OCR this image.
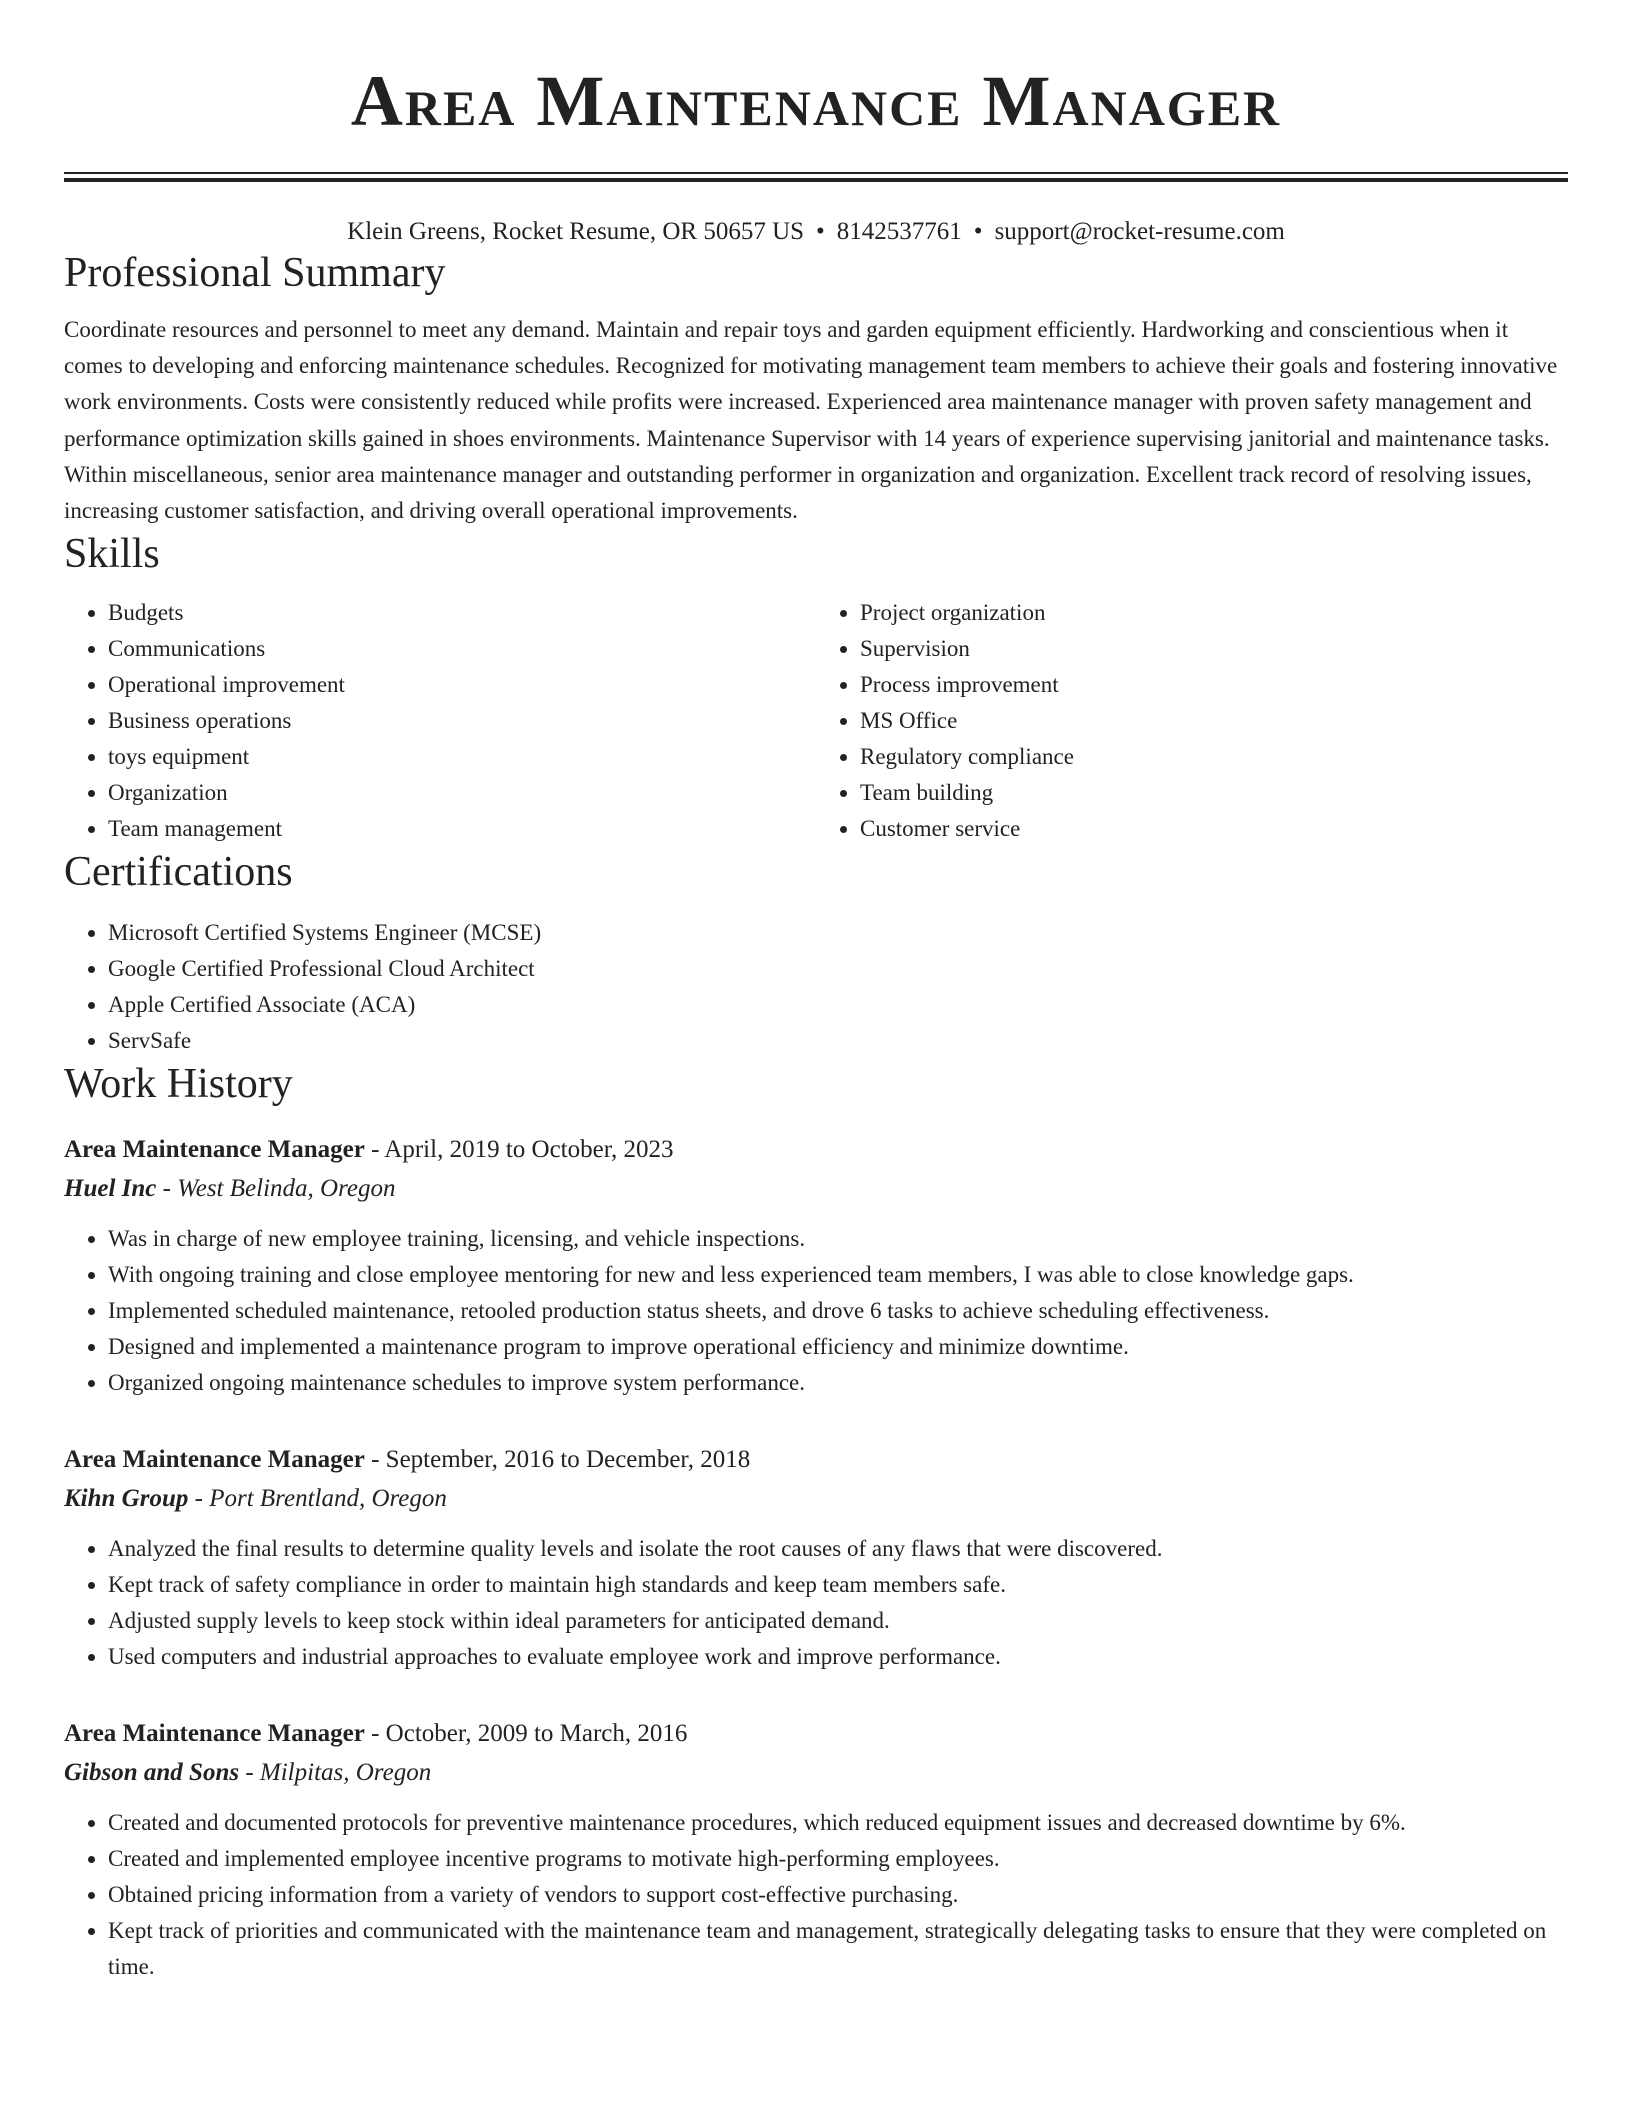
Area Maintenance Manager
Klein Greens, Rocket Resume, OR 50657 US • 8142537761 • support@rocket-resume.com
Professional Summary
Coordinate resources and personnel to meet any demand. Maintain and repair toys and garden equipment efficiently. Hardworking and conscientious when it comes to developing and enforcing maintenance schedules. Recognized for motivating management team members to achieve their goals and fostering innovative work environments. Costs were consistently reduced while profits were increased. Experienced area maintenance manager with proven safety management and performance optimization skills gained in shoes environments. Maintenance Supervisor with 14 years of experience supervising janitorial and maintenance tasks. Within miscellaneous, senior area maintenance manager and outstanding performer in organization and organization. Excellent track record of resolving issues, increasing customer satisfaction, and driving overall operational improvements.
Skills
• Budgets
• Communications
• Operational improvement
• Business operations
• toys equipment
• Organization
• Team management
• Project organization
• Supervision
• Process improvement
• MS Office
• Regulatory compliance
• Team building
• Customer service
Certifications
• Microsoft Certified Systems Engineer (MCSE)
• Google Certified Professional Cloud Architect
• Apple Certified Associate (ACA)
• ServSafe
Work History
Area Maintenance Manager - April, 2019 to October, 2023
Huel Inc - West Belinda, Oregon
• Was in charge of new employee training, licensing, and vehicle inspections.
• With ongoing training and close employee mentoring for new and less experienced team members, I was able to close knowledge gaps.
• Implemented scheduled maintenance, retooled production status sheets, and drove 6 tasks to achieve scheduling effectiveness.
• Designed and implemented a maintenance program to improve operational efficiency and minimize downtime.
• Organized ongoing maintenance schedules to improve system performance.
Area Maintenance Manager - September, 2016 to December, 2018
Kihn Group - Port Brentland, Oregon
• Analyzed the final results to determine quality levels and isolate the root causes of any flaws that were discovered.
• Kept track of safety compliance in order to maintain high standards and keep team members safe.
• Adjusted supply levels to keep stock within ideal parameters for anticipated demand.
• Used computers and industrial approaches to evaluate employee work and improve performance.
Area Maintenance Manager - October, 2009 to March, 2016
Gibson and Sons - Milpitas, Oregon
• Created and documented protocols for preventive maintenance procedures, which reduced equipment issues and decreased downtime by 6%.
• Created and implemented employee incentive programs to motivate high-performing employees.
• Obtained pricing information from a variety of vendors to support cost-effective purchasing.
• Kept track of priorities and communicated with the maintenance team and management, strategically delegating tasks to ensure that they were completed on time.
